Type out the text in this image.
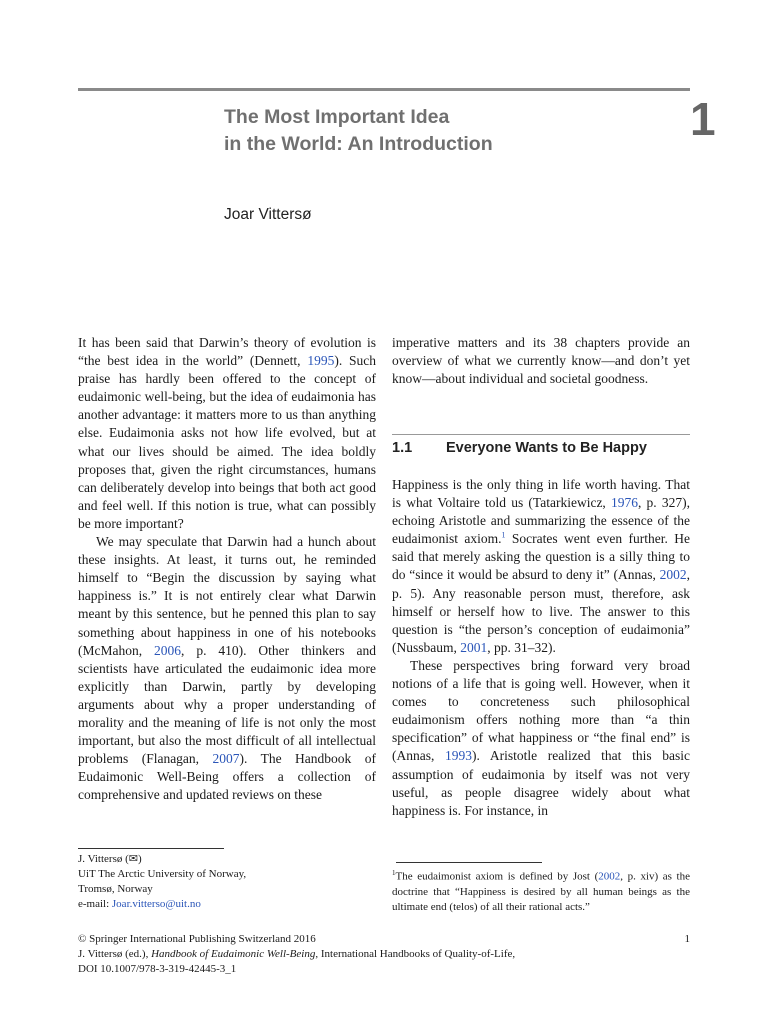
The Most Important Idea
in the World: An Introduction	1
Joar Vittersø

It has been said that Darwin’s theory of evolution is “the best idea in the world” (Dennett, 1995). Such praise has hardly been offered to the concept of eudaimonic well-being, but the idea of eudaimonia has another advantage: it matters more to us than anything else. Eudaimonia asks not how life evolved, but at what our lives should be aimed. The idea boldly proposes that, given the right circumstances, humans can deliberately develop into beings that both act good and feel well. If this notion is true, what can possibly be more important?

We may speculate that Darwin had a hunch about these insights. At least, it turns out, he reminded himself to “Begin the discussion by saying what happiness is.” It is not entirely clear what Darwin meant by this sentence, but he penned this plan to say something about happiness in one of his notebooks (McMahon, 2006, p. 410). Other thinkers and scientists have articulated the eudaimonic idea more explicitly than Darwin, partly by developing arguments about why a proper understanding of morality and the meaning of life is not only the most important, but also the most difficult of all intellectual problems (Flanagan, 2007). The Handbook of Eudaimonic Well-Being offers a collection of comprehensive and updated reviews on these

imperative matters and its 38 chapters provide an overview of what we currently know—and don’t yet know—about individual and societal goodness.

1.1 Everyone Wants to Be Happy

Happiness is the only thing in life worth having. That is what Voltaire told us (Tatarkiewicz, 1976, p. 327), echoing Aristotle and summarizing the essence of the eudaimonist axiom.$^1$ Socrates went even further. He said that merely asking the question is a silly thing to do “since it would be absurd to deny it” (Annas, 2002, p. 5). Any reasonable person must, therefore, ask himself or herself how to live. The answer to this question is “the person’s conception of eudaimonia” (Nussbaum, 2001, pp. 31–32).

These perspectives bring forward very broad notions of a life that is going well. However, when it comes to concreteness such philosophical eudaimonism offers nothing more than “a thin specification” of what happiness or “the final end” is (Annas, 1993). Aristotle realized that this basic assumption of eudaimonia by itself was not very useful, as people disagree widely about what happiness is. For instance, in

J. Vittersø (✉)
UiT The Arctic University of Norway,
Tromsø, Norway
e-mail: Joar.vitterso@uit.no
$^1$The eudaimonist axiom is defined by Jost (2002, p. xiv) as the doctrine that “Happiness is desired by all human beings as the ultimate end (telos) of all their rational acts.”
© Springer International Publishing Switzerland 2016	1
J. Vittersø (ed.), Handbook of Eudaimonic Well-Being, International Handbooks of Quality-of-Life,
DOI 10.1007/978-3-319-42445-3_1
